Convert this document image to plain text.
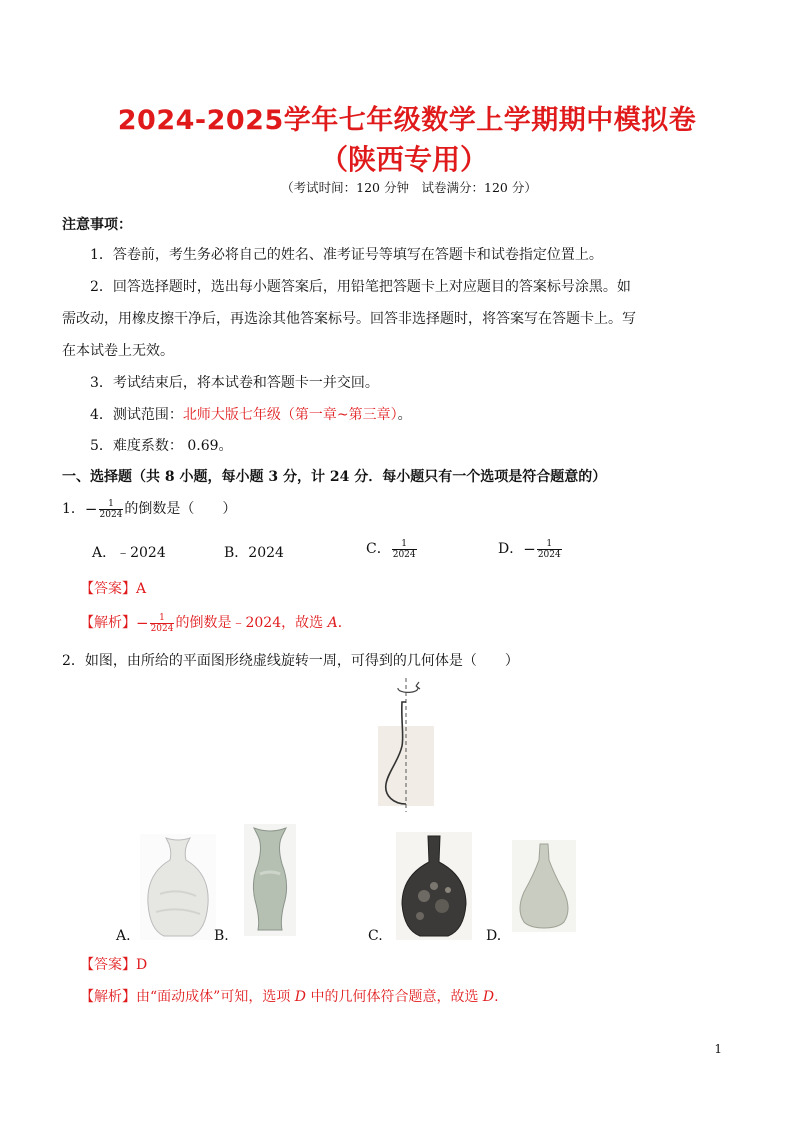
2024-2025学年七年级数学上学期期中模拟卷
（陕西专用）
（考试时间：120 分钟　试卷满分：120 分）
注意事项：
1．答卷前，考生务必将自己的姓名、准考证号等填写在答题卡和试卷指定位置上。
2．回答选择题时，选出每小题答案后，用铅笔把答题卡上对应题目的答案标号涂黑。如
需改动，用橡皮擦干净后，再选涂其他答案标号。回答非选择题时，将答案写在答题卡上。写
在本试卷上无效。
3．考试结束后，将本试卷和答题卡一并交回。
4．测试范围：北师大版七年级（第一章~第三章）。
5．难度系数： 0.69。
一、选择题（共 8 小题，每小题 3 分，计 24 分．每小题只有一个选项是符合题意的）
1．− $\frac{1}{2024}$ 的倒数是（　　）
A．﹣2024	B．2024	C． $\frac{1}{2024}$	D．− $\frac{1}{2024}$
【答案】A
【解析】− $\frac{1}{2024}$ 的倒数是﹣2024，故选 A．
2．如图，由所给的平面图形绕虚线旋转一周，可得到的几何体是（　　）
A.	B.	C.	D.
【答案】D
【解析】由“面动成体”可知，选项 D 中的几何体符合题意，故选 D.
1
